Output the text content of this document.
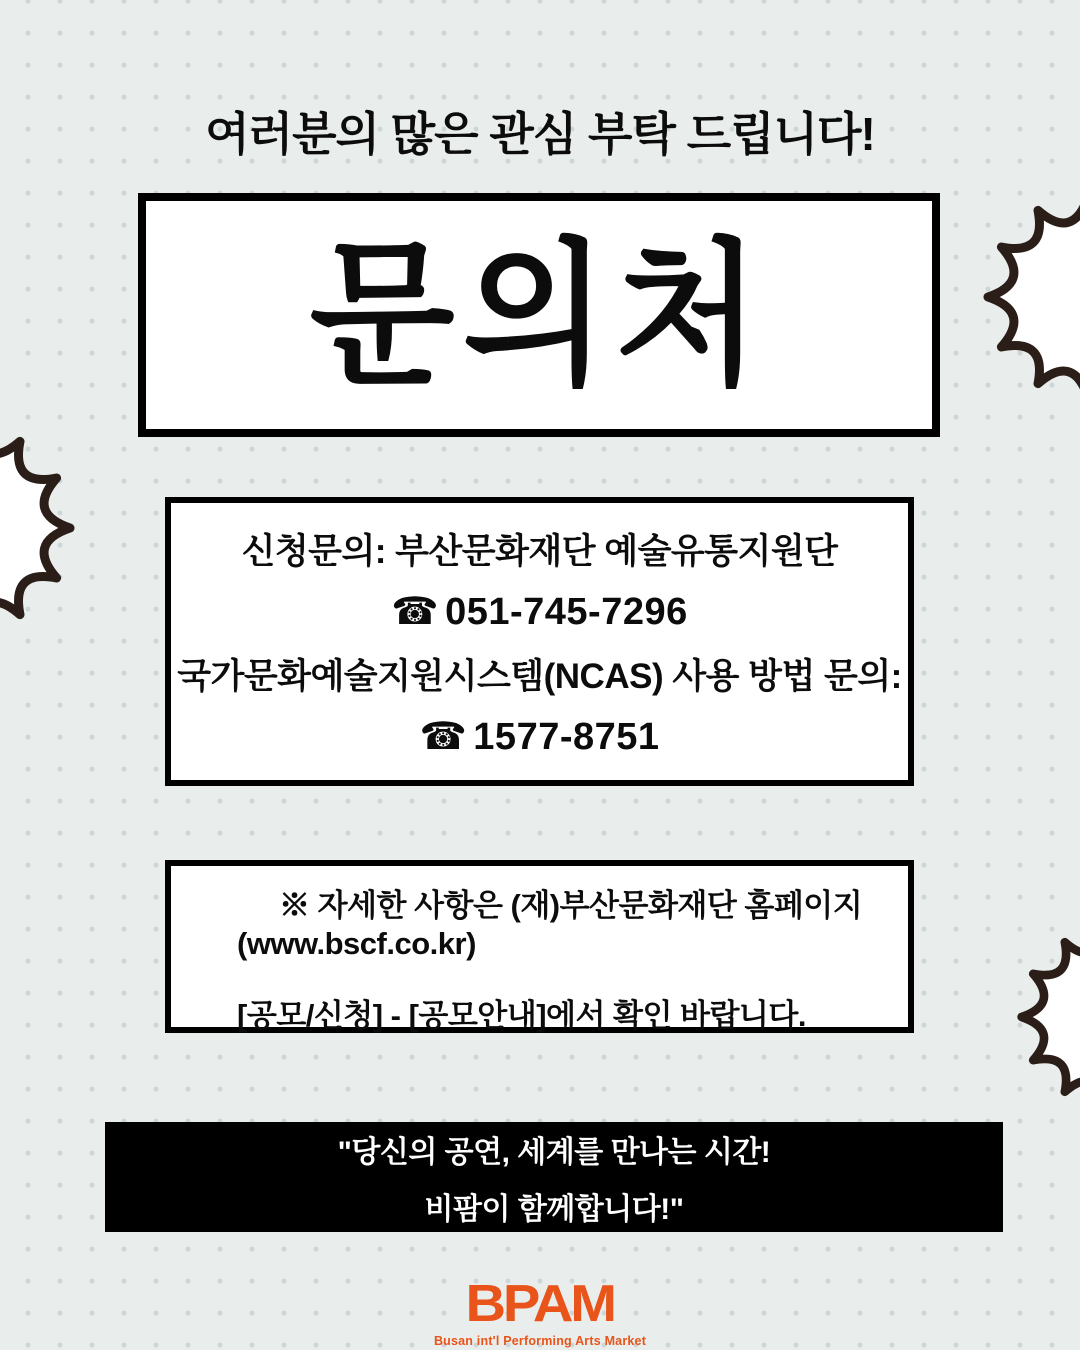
여러분의 많은 관심 부탁 드립니다!
문의처
신청문의: 부산문화재단 예술유통지원단
☎ 051-745-7296
국가문화예술지원시스템(NCAS) 사용 방법 문의:
☎ 1577-8751
※ 자세한 사항은 (재)부산문화재단 홈페이지
(www.bscf.co.kr)
[공모/신청] - [공모안내]에서 확인 바랍니다.
"당신의 공연, 세계를 만나는 시간!
비팜이 함께합니다!"
BPAM
Busan int'l Performing Arts Market
